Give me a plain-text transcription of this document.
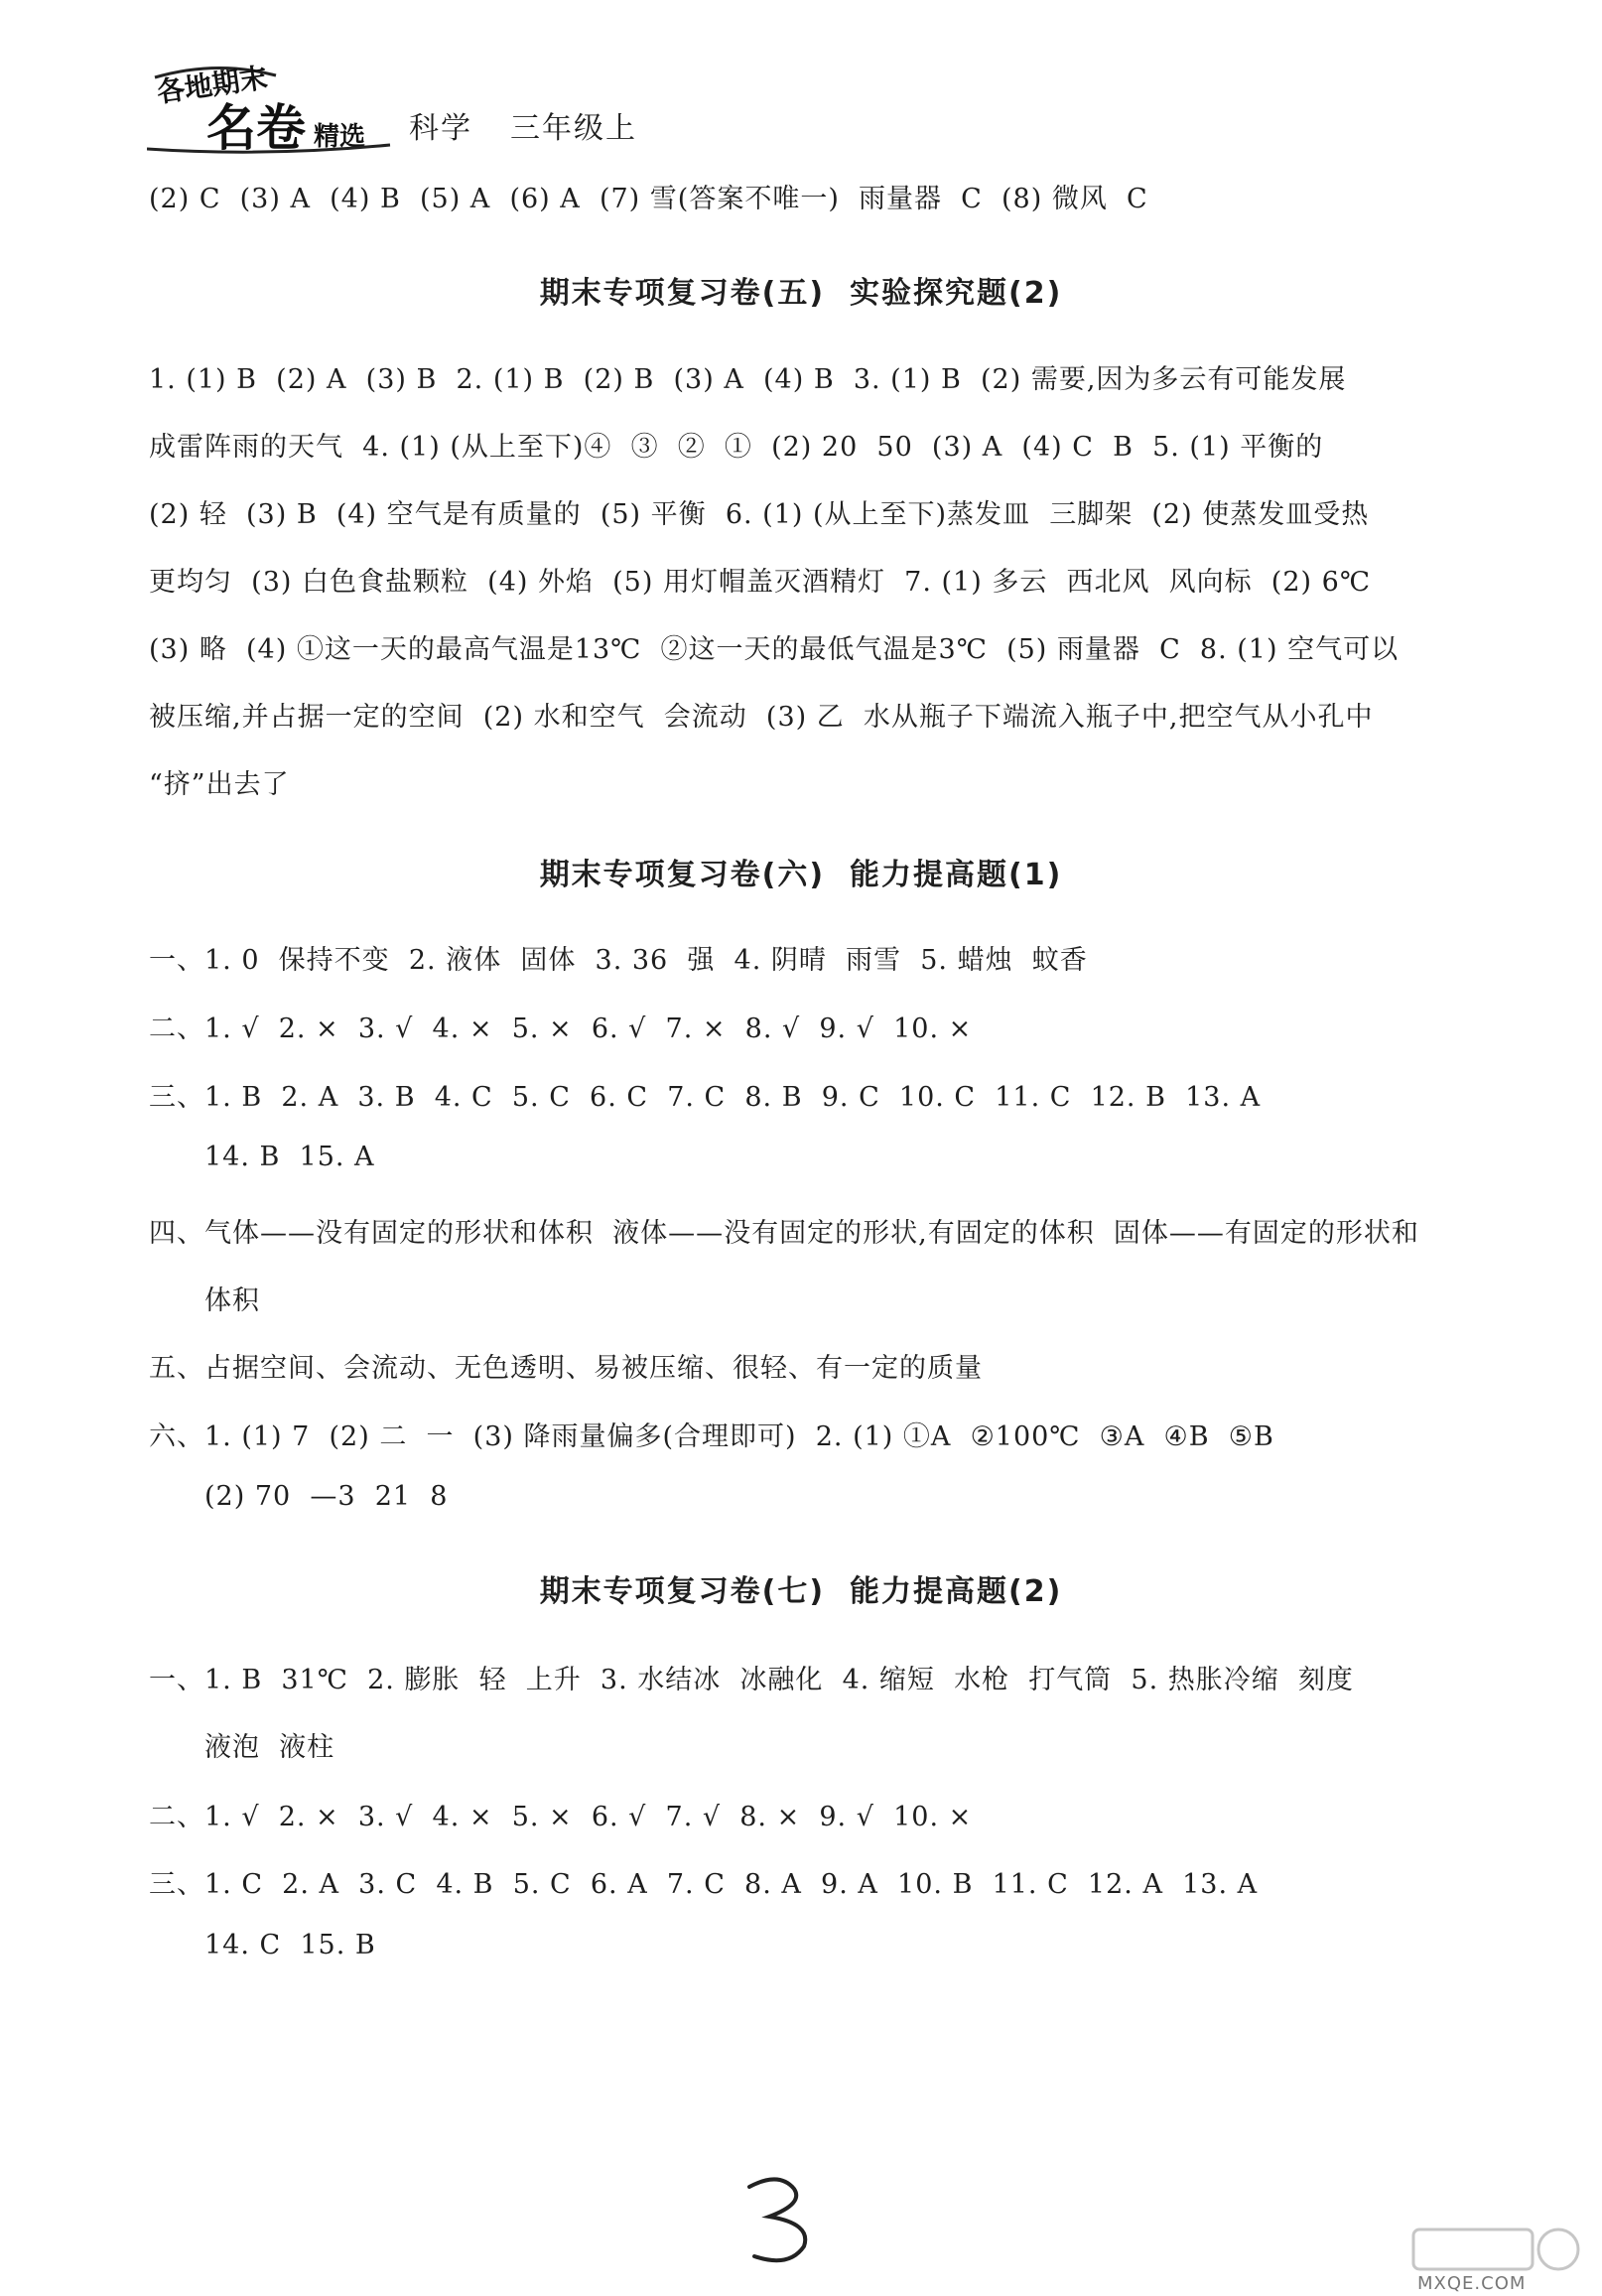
各地期末
名卷 精选 科学 三年级上
(2) C  (3) A  (4) B  (5) A  (6) A  (7) 雪(答案不唯一)  雨量器  C  (8) 微风  C
期末专项复习卷(五)  实验探究题(2)
1. (1) B  (2) A  (3) B  2. (1) B  (2) B  (3) A  (4) B  3. (1) B  (2) 需要,因为多云有可能发展
成雷阵雨的天气  4. (1) (从上至下)④  ③  ②  ①  (2) 20  50  (3) A  (4) C  B  5. (1) 平衡的
(2) 轻  (3) B  (4) 空气是有质量的  (5) 平衡  6. (1) (从上至下)蒸发皿  三脚架  (2) 使蒸发皿受热
更均匀  (3) 白色食盐颗粒  (4) 外焰  (5) 用灯帽盖灭酒精灯  7. (1) 多云  西北风  风向标  (2) 6℃
(3) 略  (4) ①这一天的最高气温是13℃  ②这一天的最低气温是3℃  (5) 雨量器  C  8. (1) 空气可以
被压缩,并占据一定的空间  (2) 水和空气  会流动  (3) 乙  水从瓶子下端流入瓶子中,把空气从小孔中
“挤”出去了
期末专项复习卷(六)  能力提高题(1)
一、1. 0  保持不变  2. 液体  固体  3. 36  强  4. 阴晴  雨雪  5. 蜡烛  蚊香
二、1. √  2. ×  3. √  4. ×  5. ×  6. √  7. ×  8. √  9. √  10. ×
三、1. B  2. A  3. B  4. C  5. C  6. C  7. C  8. B  9. C  10. C  11. C  12. B  13. A
14. B  15. A
四、气体——没有固定的形状和体积  液体——没有固定的形状,有固定的体积  固体——有固定的形状和
体积
五、占据空间、会流动、无色透明、易被压缩、很轻、有一定的质量
六、1. (1) 7  (2) 二  一  (3) 降雨量偏多(合理即可)  2. (1) ①A  ②100℃  ③A  ④B  ⑤B
(2) 70  —3  21  8
期末专项复习卷(七)  能力提高题(2)
一、1. B  31℃  2. 膨胀  轻  上升  3. 水结冰  冰融化  4. 缩短  水枪  打气筒  5. 热胀冷缩  刻度
液泡  液柱
二、1. √  2. ×  3. √  4. ×  5. ×  6. √  7. √  8. ×  9. √  10. ×
三、1. C  2. A  3. C  4. B  5. C  6. A  7. C  8. A  9. A  10. B  11. C  12. A  13. A
14. C  15. B
MXQE.COM
